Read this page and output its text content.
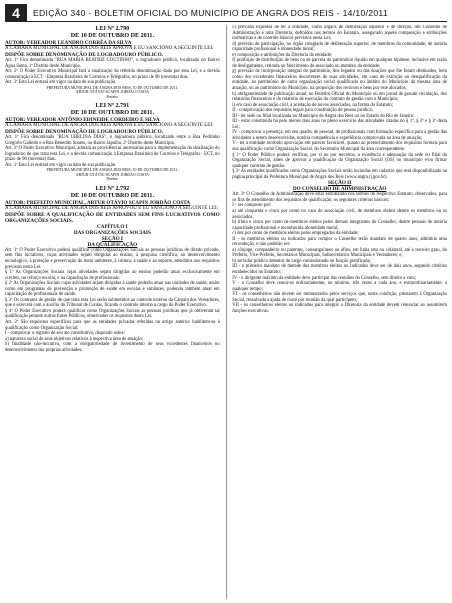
4	EDIÇÃO 340 - BOLETIM OFICIAL DO MUNICÍPIO DE ANGRA DOS REIS - 14/10/2011
LEI Nº 2.790
DE 10 DE OUTUBRO DE 2011.
AUTOR: VEREADOR LEANDRO CORRÊA DA SILVA
A CÂMARA MUNICIPAL DE ANGRA DOS REIS APROVA E EU SANCIONO A SEGUINTE LEI:
DISPÕE SOBRE DENOMINAÇÃO DE LOGRADOURO PÚBLICO.

Art. 1º Fica denominada "RUA MARIA BEATRIZ COUTINHO", o logradouro público, localizado no Bairro Água Santa, 1º Distrito deste Município.

Art. 2º O Poder Executivo Municipal fará a sinalização da referida denominação dada por esta Lei, e a devida comunicação à ECT - Empresa Brasileira de Correios e Telégrafos, no prazo de 90 (noventa) dias.

Art. 3º Esta Lei entrará em vigor na data de sua publicação.

PREFEITURA MUNICIPAL DE ANGRA DOS REIS, 10 DE OUTUBRO DE 2011.
ARTUR OTÁVIO SCAPIN JORDÃO COSTA
Prefeito
LEI Nº 2.791
DE 10 DE OUTUBRO DE 2011.
AUTOR: VEREADOR ANTÔNIO EDINEIDE CORDEIRO E SILVA
A CÂMARA MUNICIPAL DE ANGRA DOS REIS APROVA E EU SANCIONO A SEGUINTE LEI:
DISPÕE SOBRE DENOMINAÇÃO DE LOGRADOURO PÚBLICO.

Art. 1º Fica denominada "RUA UBELINA DIAS", o logradouro público, localizado entre a Rua Pedrinho Gregório Galindo e a Rua Benedito Soares, no Bairro Japuíba, 2º Distrito deste Município.

Art. 2º O Poder Executivo Municipal, adotará as providências necessárias para a implementação da sinalização do logradouro de que trata esta Lei, e a devida comunicação à Empresa Brasileira de Correios e Telégrafos - ECT, no prazo de 90 (noventa) dias.

Art. 3º Esta Lei entrará em vigor na data de sua publicação.

PREFEITURA MUNICIPAL DE ANGRA DOS REIS, 10 DE OUTUBRO DE 2011.
ARTUR OTÁVIO SCAPIN JORDÃO COSTA
Prefeito
LEI Nº 2.792
DE 10 DE OUTUBRO DE 2011.
AUTOR: PREFEITO MUNICIPAL, ARTUR OTÁVIO SCAPIN JORDÃO COSTA
A CÂMARA MUNICIPAL DE ANGRA DOS REIS APROVOU E EU SANCIONO A SEGUINTE LEI:
DISPÕE SOBRE A QUALIFICAÇÃO DE ENTIDADES SEM FINS LUCRATIVOS COMO ORGANIZAÇÕES SOCIAIS.
CAPÍTULO I
DAS ORGANIZAÇÕES SOCIAIS
SEÇÃO I
DA QUALIFICAÇÃO

Art. 1º O Poder Executivo poderá qualificar como Organizações Sociais as pessoas jurídicas de direito privado, sem fins lucrativos, cujas atividades sejam dirigidas ao ensino, à pesquisa científica, ao desenvolvimento tecnológico, à proteção e preservação do meio ambiente, à cultura, à saúde e ao esporte, atendidos aos requisitos previstos nesta Lei.

§ 1º As Organizações Sociais cujas atividades sejam dirigidas ao ensino poderão atuar exclusivamente em creches, no reforço escolar, e na capacitação de profissionais.

§ 2º As Organizações Sociais cujas atividades sejam dirigidas à saúde poderão atuar nas unidades de saúde, assim como em programas de prevenção e promoção de saúde em escolas e similares, podendo também atuar em capacitação de profissionais de saúde.

§ 3º Os contratos de gestão de que trata esta Lei serão submetidos ao controle externo da Câmara dos Vereadores, que o exercerá com o auxílio do Tribunal de Contas, ficando o controle interno a cargo do Poder Executivo.

§ 4º O Poder Executivo poderá qualificar como Organizações Sociais as pessoas jurídicas que já obtiveram tal qualificação perante outros Entes Públicos, observados os requisitos desta Lei.

Art. 2º São requisitos específicos para que as entidades privadas referidas no artigo anterior habilitem-se à qualificação como Organização Social:

I - comprovar o registro de seu ato constitutivo, dispondo sobre:

a) natureza social de seus objetivos relativos à respectiva área de atuação;

b) finalidade não-lucrativa, com a obrigatoriedade de investimento de seus excedentes financeiros no desenvolvimento das próprias atividades;

c) previsão expressa de ter a entidade, como órgãos de deliberação superior e de direção, um Conselho de Administração e uma Diretoria, definidos nos termos do Estatuto, assegurado àquele composição e atribuições normativas e de controle básicos previstos nesta Lei;

d) previsão de participação, no órgão colegiado de deliberação superior, de membros da comunidade, de notória capacidade profissional e idoneidade moral;

e) composição e atribuições da Diretoria da entidade;

f) proibição de distribuição de bens ou de parcela do patrimônio líquido em qualquer hipótese, inclusive em razão de desligamento, retirada ou falecimento de associado ou membro da entidade;

g) previsão de incorporação integral do patrimônio, dos legados ou das doações que lhe foram destinados, bem como dos excedentes financeiros decorrentes de suas atividades, em caso de extinção ou desqualificação da entidade, ao patrimônio de outra organização social qualificada no âmbito do Município da mesma área de atuação, ou ao patrimônio do Município, na proporção dos recursos e bens por este alocados;

h) obrigatoriedade de publicação anual, no Boletim Oficial do Município ou em jornal de grande circulação, dos relatórios financeiros e do relatório de execução do contrato de gestão com o Município;

i) em caso de associação civil, a aceitação de novos associados, na forma do Estatuto;

II - comprovação dos requisitos legais para constituição de pessoa jurídica;

III - ter sede ou filial localizada no Município de Angra dos Reis ou no Estado do Rio de Janeiro;

III - estar constituída há pelo menos dois anos no pleno exercício das atividades citadas no § 1º, § 2º e § 3º desta Lei;

IV - comprovar a presença, em seu quadro de pessoal, de profissionais com formação específica para a gestão das atividades a serem desenvolvidas, notória competência e experiência comprovada na área de atuação;

V - ter a entidade recebido aprovação em parecer favorável, quanto ao preenchimento dos requisitos formais para sua qualificação como Organização Social, do Secretário Municipal da área correspondente.

§ 1º O Poder Público poderá verificar, por si ou por terceiros, a existência e adequação da sede ou filial da Organização Social, antes de aprovar a qualificação da Organização Social (OS) no município e/ou firmar qualquer contrato de gestão.

§ 2º As entidades qualificadas como Organizações Sociais serão incluídas em cadastro que será disponibilizado na página principal da Prefeitura Municipal de Angra dos Reis (www.angra.rj.gov.br).

SEÇÃO II
DO CONSELHO DE ADMINISTRAÇÃO

Art. 3º O Conselho de Administração deve estar estruturado nos termos do respectivo Estatuto, observados, para os fins de atendimento dos requisitos de qualificação, os seguintes critérios básicos:

I - ser composto por:

a) até cinquenta e cinco por cento no caso de associação civil, de membros eleitos dentre os membros ou os associados;

b) trinta e cinco por cento de membros eleitos pelos demais integrantes do Conselho, dentre pessoas de notória capacidade profissional e reconhecida idoneidade moral;

c) dez por cento de membros eleitos pelos empregados da entidade;

II - os membros eleitos ou indicados para compor o Conselho terão mandato de quatro anos, admitida uma recondução, e não poderão ser:

a) cônjuge, companheiro ou parentes, consanguíneos ou afins, em linha reta ou colateral, até o terceiro grau, do Prefeito, Vice-Prefeito, Secretários Municipais, Subsecretários Municipais e Vereadores; e,

b) servidor público detentor de cargo comissionado ou função gratificada;

III - o primeiro mandato de metade dos membros eleitos ou indicados deve ser de dois anos, segundo critérios estabelecidos no Estatuto;

IV - o dirigente máximo da entidade deve participar das reuniões do Conselho, sem direito a voto;

V - o Conselho deve reunir-se ordinariamente, no mínimo, três vezes a cada ano, e extraordinariamente, a qualquer tempo;

VI - os conselheiros não devem ser remunerados pelos serviços que, nesta condição, prestarem à Organização Social, ressalvada a ajuda de custo por reunião da qual participem;

VII - os conselheiros eleitos ou indicados para integrar a Diretoria da entidade devem renunciar ao assumirem funções executivas.
